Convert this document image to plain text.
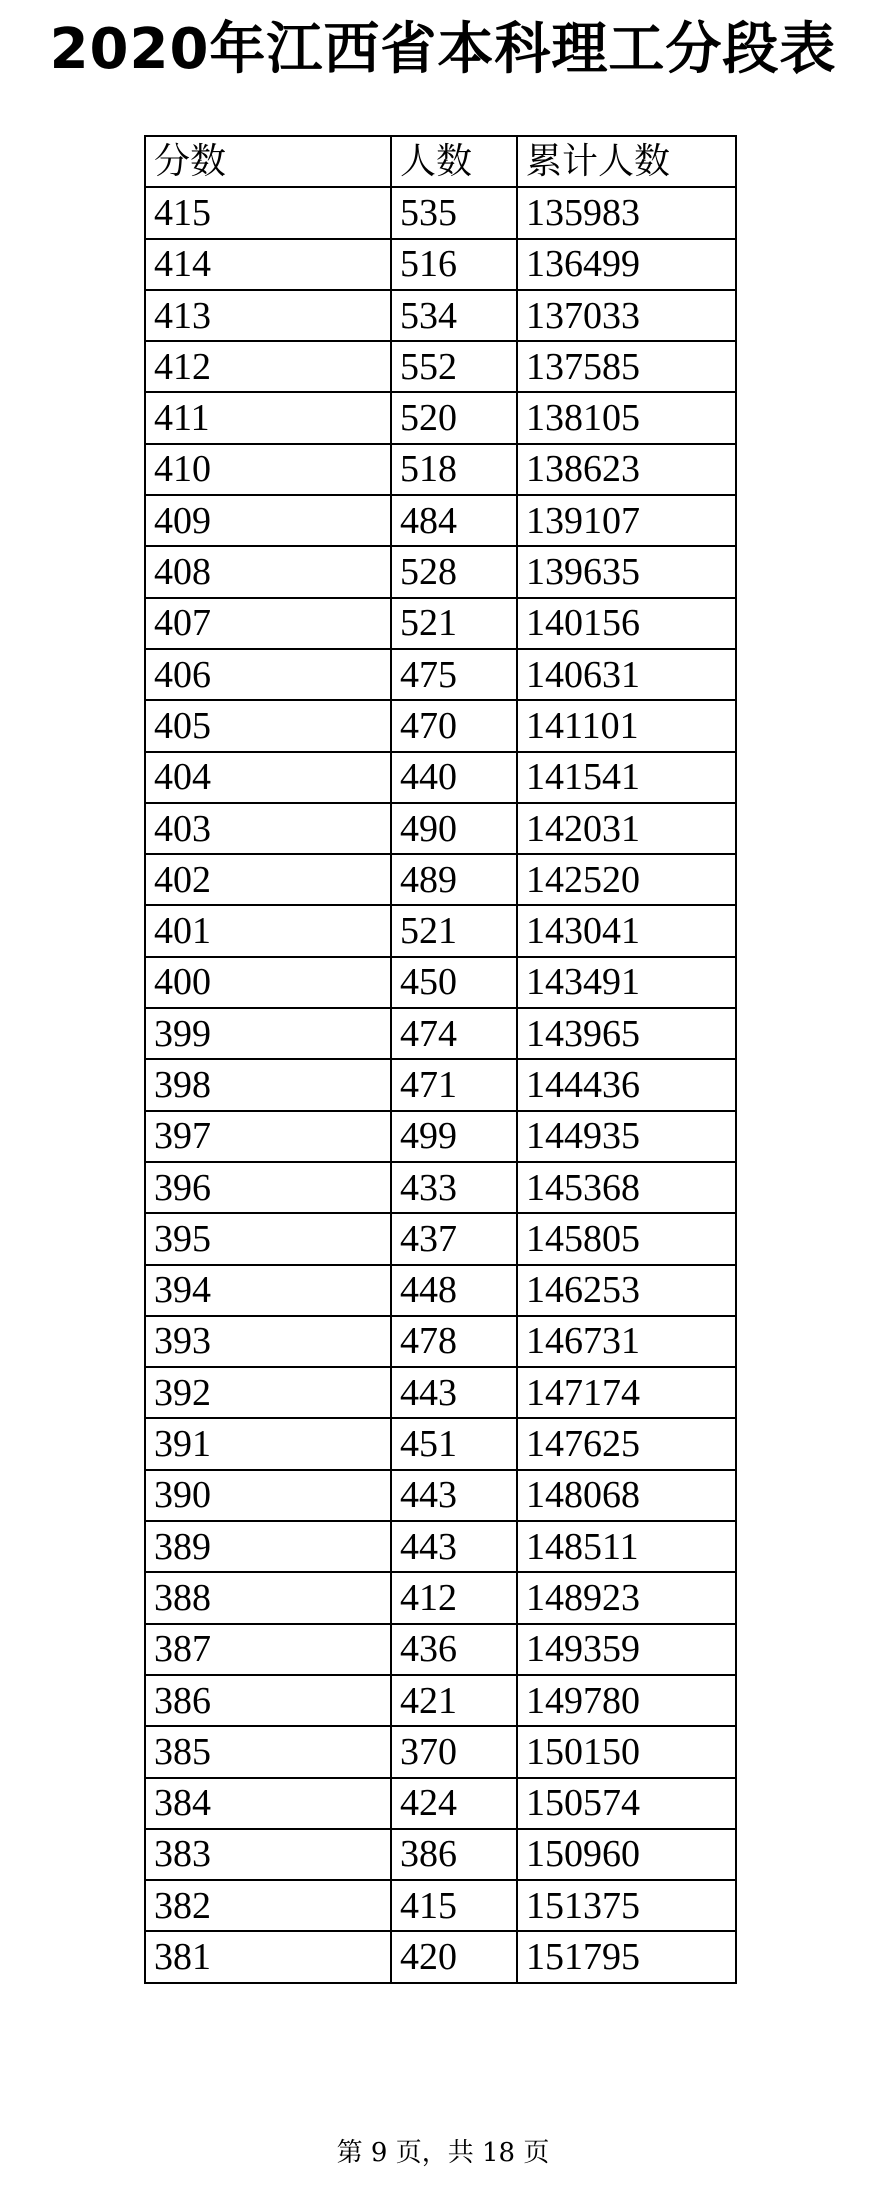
2020年江西省本科理工分段表
分数	人数	累计人数
415	535	135983
414	516	136499
413	534	137033
412	552	137585
411	520	138105
410	518	138623
409	484	139107
408	528	139635
407	521	140156
406	475	140631
405	470	141101
404	440	141541
403	490	142031
402	489	142520
401	521	143041
400	450	143491
399	474	143965
398	471	144436
397	499	144935
396	433	145368
395	437	145805
394	448	146253
393	478	146731
392	443	147174
391	451	147625
390	443	148068
389	443	148511
388	412	148923
387	436	149359
386	421	149780
385	370	150150
384	424	150574
383	386	150960
382	415	151375
381	420	151795
第 9 页，共 18 页
